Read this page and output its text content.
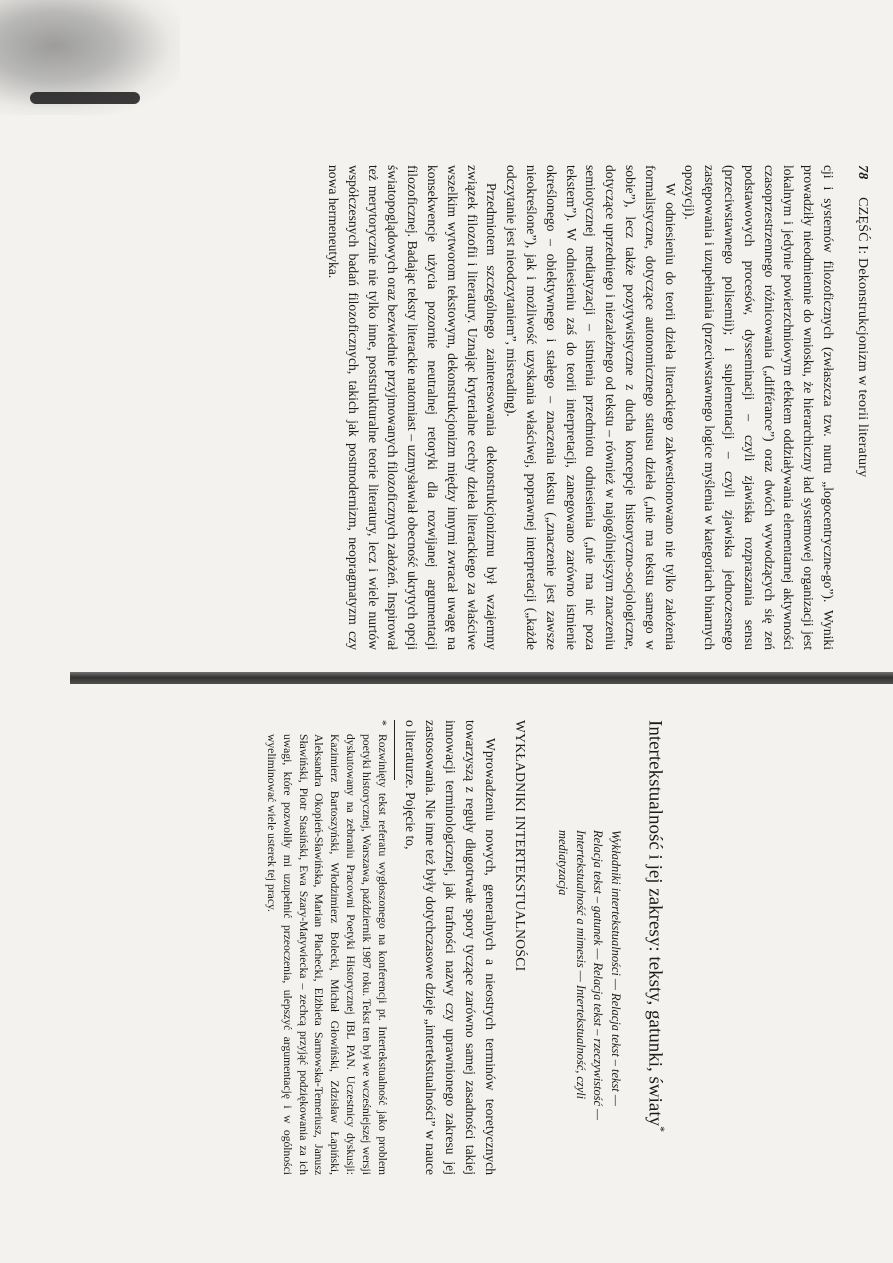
78 CZĘŚĆ I: Dekonstrukcjonizm w teorii literatury

cji i systemów filozoficznych (zwłaszcza tzw. nurtu „logocentryczne-go”). Wyniki prowadziły nieodmiennie do wniosku, że hierarchiczny ład systemowej organizacji jest lokalnym i jedynie powierzchniowym efektem oddziaływania elementarnej aktywności czasoprzestrzennego różnicowania („différance”) oraz dwóch wywodzących się zeń podstawowych procesów, dysseminacji – czyli zjawiska rozpraszania sensu (przeciwstawnego polisemii); i suplementacji – czyli zjawiska jednoczesnego zastępowania i uzupełniania (przeciwstawnego logice myślenia w kategoriach binarnych opozycji).

W odniesieniu do teorii dzieła literackiego zakwestionowano nie tylko założenia formalistyczne, dotyczące autonomicznego statusu dzieła („nie ma tekstu samego w sobie”), lecz także pozytywistyczne z ducha koncepcje historyczno-socjologiczne, dotyczące uprzedniego i niezależnego od tekstu – również w najogólniejszym znaczeniu semiotycznej mediatyzacji – istnienia przedmiotu odniesienia („nie ma nic poza tekstem”). W odniesieniu zaś do teorii interpretacji, zanegowano zarówno istnienie określonego – obiektywnego i stałego – znaczenia tekstu („znaczenie jest zawsze nieokreślone”), jak i możliwość uzyskania właściwej, poprawnej interpretacji („każde odczytanie jest nieodczytaniem”, misreading).

Przedmiotem szczególnego zainteresowania dekonstrukcjonizmu był wzajemny związek filozofii i literatury. Uznając kryterialne cechy dzieła literackiego za właściwe wszelkim wytworom tekstowym, dekonstrukcjonizm między innymi zwracał uwagę na konsekwencje użycia pozornie neutralnej retoryki dla rozwijanej argumentacji filozoficznej. Badając teksty literackie natomiast – uzmysławiał obecność ukrytych opcji światopoglądowych oraz bezwiednie przyjmowanych filozoficznych założeń. Inspirował też merytorycznie nie tylko inne, poststrukturalne teorie literatury, lecz i wiele nurtów współczesnych badań filozoficznych, takich jak postmodernizm, neopragmatyzm czy nowa hermeneutyka.

Intertekstualność i jej zakresy: teksty, gatunki, światy*
Wykładniki intertekstualności — Relacja tekst – tekst — Relacja tekst – gatunek — Relacja tekst – rzeczywistość — Intertekstualność a mimesis — Intertekstualność, czyli mediatyzacja
WYKŁADNIKI INTERTEKSTUALNOŚCI

Wprowadzeniu nowych, generalnych a nieostrych terminów teoretycznych towarzyszą z reguły długotrwałe spory tyczące zarówno samej zasadności takiej innowacji terminologicznej, jak trafności nazwy czy uprawnionego zakresu jej zastosowania. Nie inne też były dotychczasowe dzieje „intertekstualności” w nauce o literaturze. Pojęcie to,

*Rozwinięty tekst referatu wygłoszonego na konferencji pt. Intertekstualność jako problem poetyki historycznej, Warszawa, październik 1987 roku. Tekst ten był we wcześniejszej wersji dyskutowany na zebraniu Pracowni Poetyki Historycznej IBL PAN. Uczestnicy dyskusji: Kazimierz Bartoszyński, Włodzimierz Bolecki, Michał Głowiński, Zdzisław Łapiński, Aleksandra Okopień-Sławińska, Marian Płachecki, Elżbieta Sarnowska-Temeriusz, Janusz Sławiński, Piotr Stasiński, Ewa Szary-Matywiecka – zechcą przyjąć podziękowania za ich uwagi, które pozwoliły mi uzupełnić przeoczenia, ulepszyć argumentację i w ogólności wyeliminować wiele usterek tej pracy.
